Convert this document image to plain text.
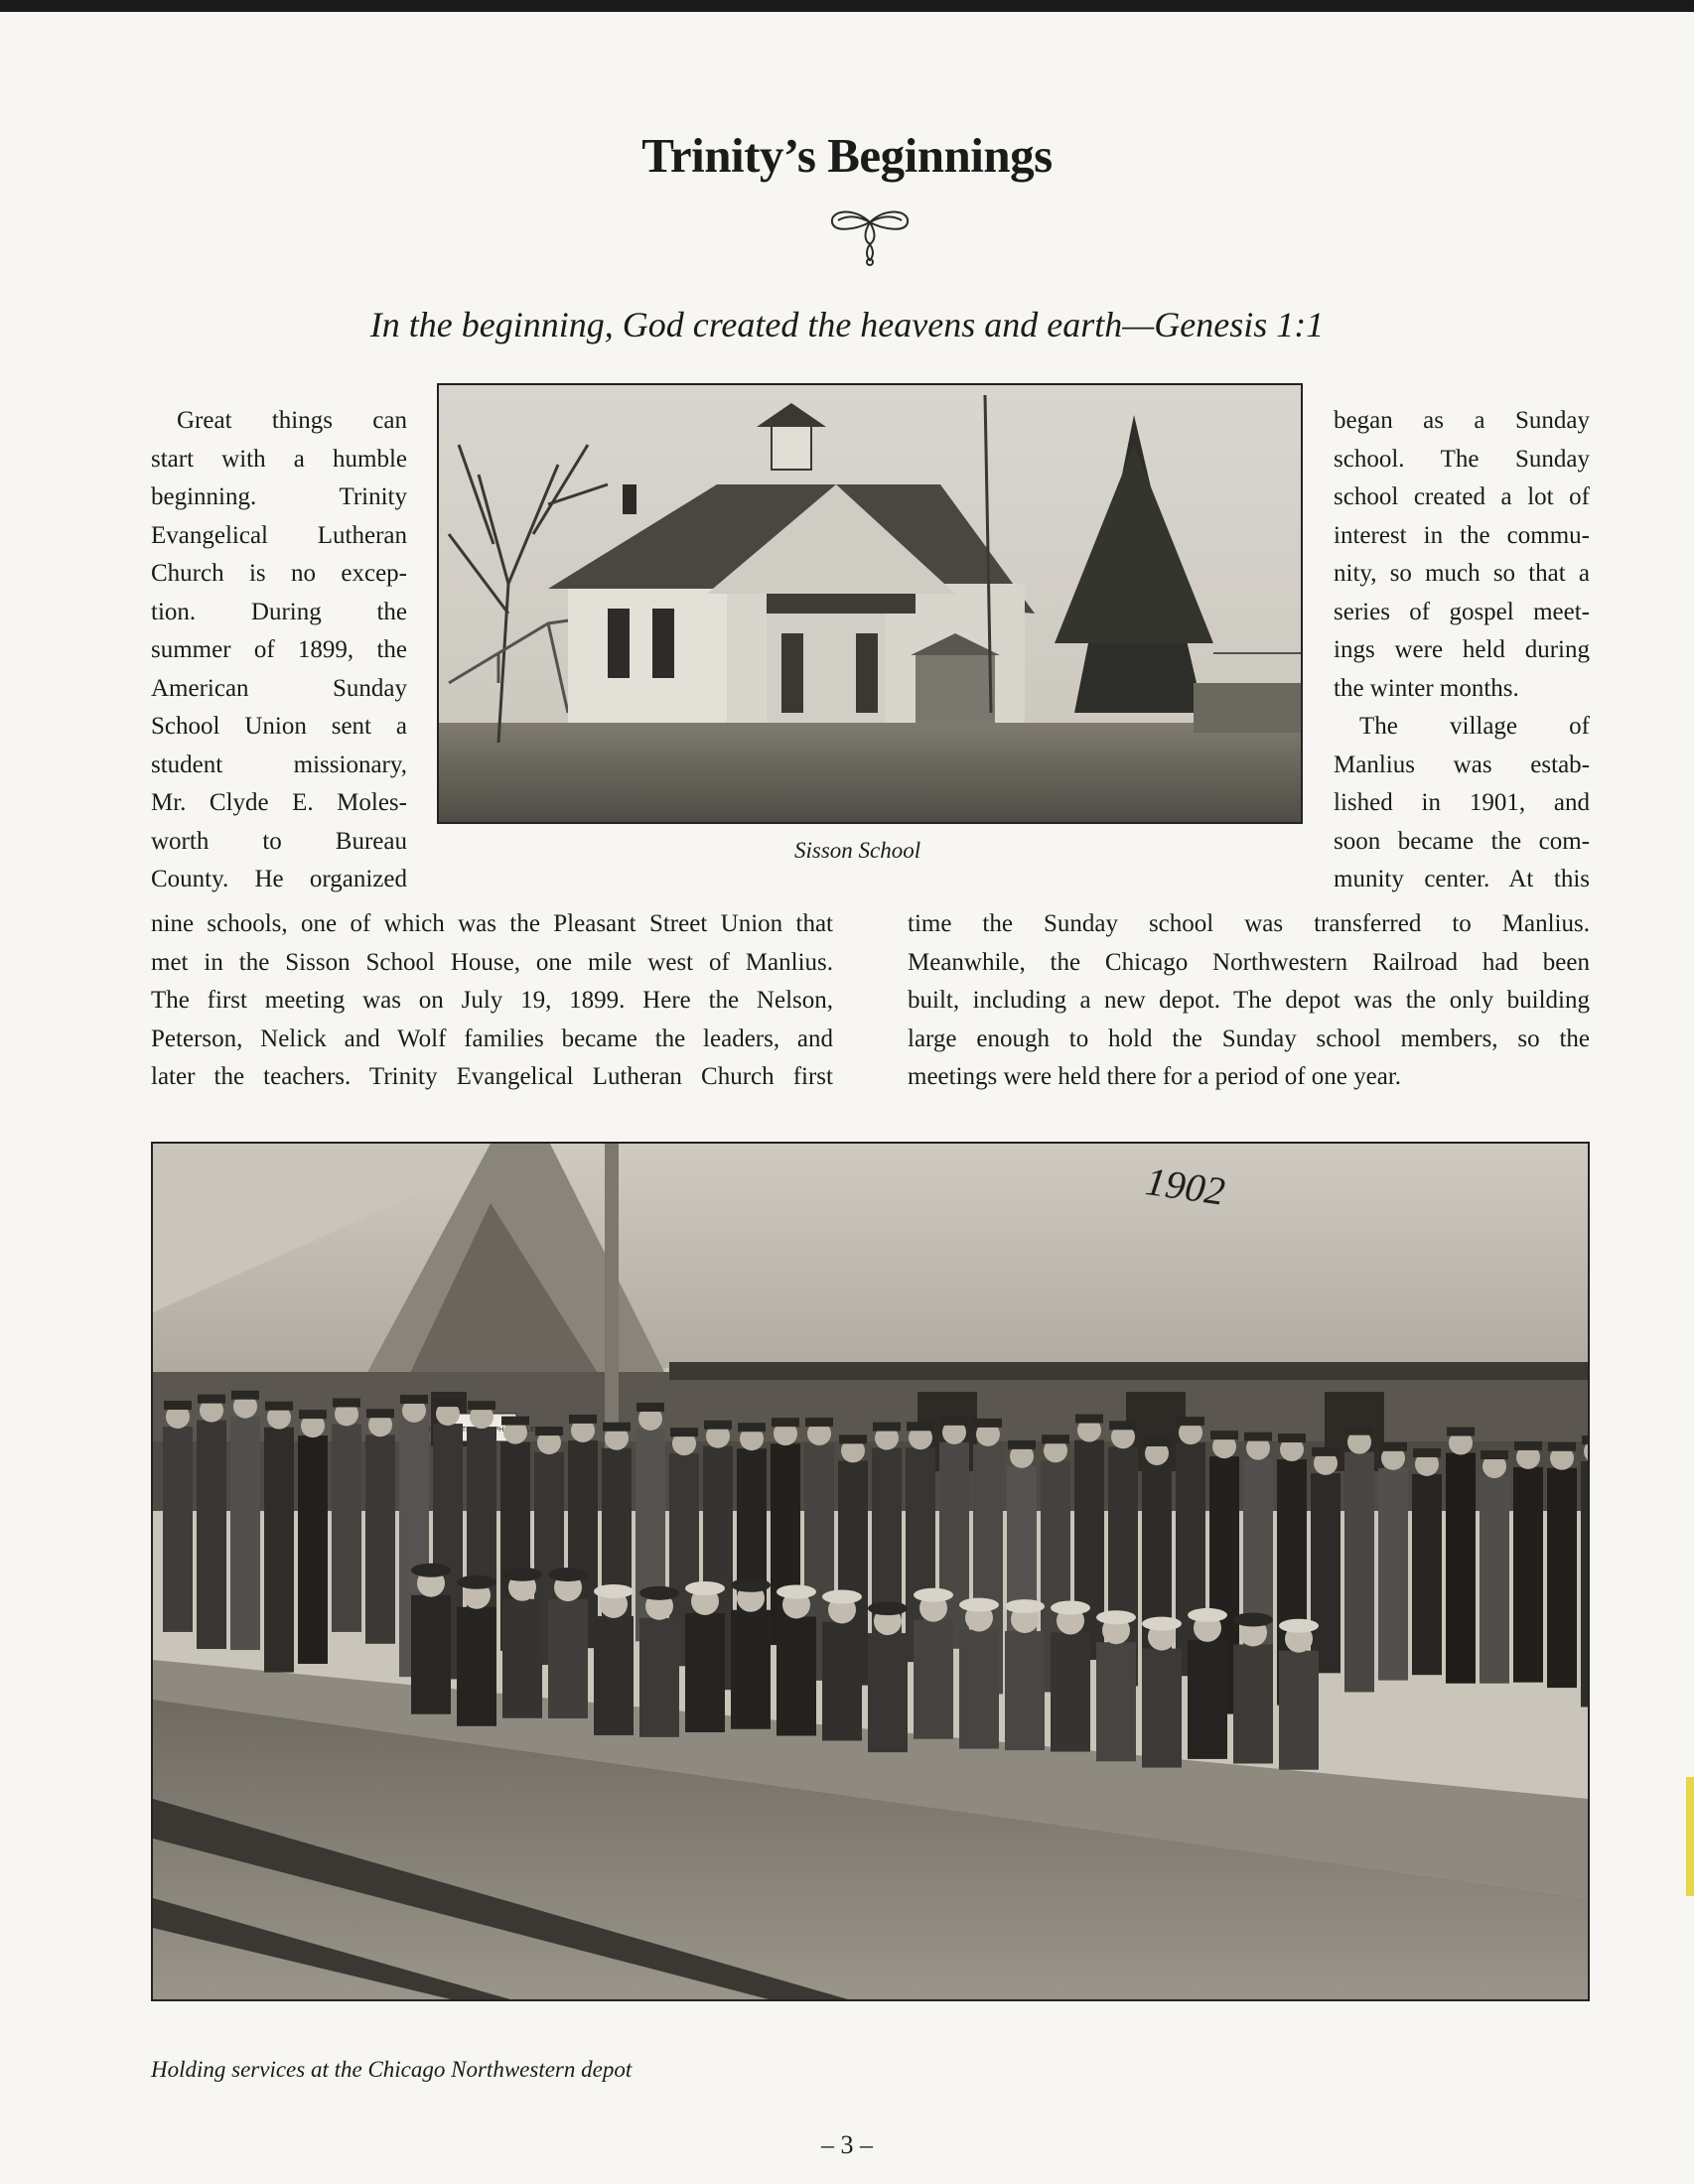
Trinity’s Beginnings
In the beginning, God created the heavens and earth—Genesis 1:1
Great things can
start with a humble
beginning. Trinity
Evangelical Lutheran
Church is no excep-
tion. During the
summer of 1899, the
American Sunday
School Union sent a
student missionary,
Mr. Clyde E. Moles-
worth to Bureau
County. He organized
began as a Sunday
school. The Sunday
school created a lot of
interest in the commu-
nity, so much so that a
series of gospel meet-
ings were held during
the winter months.
The village of
Manlius was estab-
lished in 1901, and
soon became the com-
munity center. At this
nine schools, one of which was the Pleasant Street Union that
met in the Sisson School House, one mile west of Manlius.
The first meeting was on July 19, 1899. Here the Nelson,
Peterson, Nelick and Wolf families became the leaders, and
later the teachers. Trinity Evangelical Lutheran Church first
time the Sunday school was transferred to Manlius.
Meanwhile, the Chicago Northwestern Railroad had been
built, including a new depot. The depot was the only building
large enough to hold the Sunday school members, so the
meetings were held there for a period of one year.
Sisson School
1902
Holding services at the Chicago Northwestern depot
– 3 –
